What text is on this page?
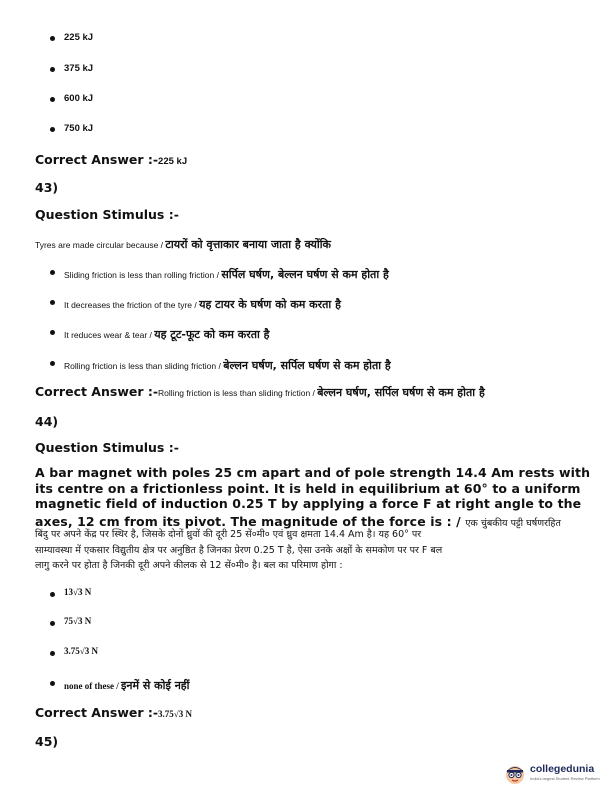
225 kJ
375 kJ
600 kJ
750 kJ
Correct Answer :-225 kJ
43)
Question Stimulus :-
Tyres are made circular because / टायरों को वृत्ताकार बनाया जाता है क्योंकि
Sliding friction is less than rolling friction / सर्पिल घर्षण, बेल्लन घर्षण से कम होता है
It decreases the friction of the tyre / यह टायर के घर्षण को कम करता है
It reduces wear & tear / यह टूट-फूट को कम करता है
Rolling friction is less than sliding friction / बेल्लन घर्षण, सर्पिल घर्षण से कम होता है
Correct Answer :-Rolling friction is less than sliding friction / बेल्लन घर्षण, सर्पिल घर्षण से कम होता है
44)
Question Stimulus :-
A bar magnet with poles 25 cm apart and of pole strength 14.4 Am rests with
its centre on a frictionless point. It is held in equilibrium at 60° to a uniform
magnetic field of induction 0.25 T by applying a force F at right angle to the
axes, 12 cm from its pivot. The magnitude of the force is : / एक चुंबकीय पट्टी घर्षणरहित
बिंदु पर अपने केंद्र पर स्थिर है, जिसके दोनों ध्रुवों की दूरी 25 सें०मी० एवं ध्रुव क्षमता 14.4 Am है। यह 60° पर
साम्यावस्था में एकसार विद्युतीय क्षेत्र पर अनुष्ठित है जिनका प्रेरण 0.25 T है, ऐसा उनके अक्षों के समकोण पर पर F बल
लागु करने पर होता है जिनकी दूरी अपने कीलक से 12 सें०मी० है। बल का परिमाण होगा :
13√3 N
75√3 N
3.75√3 N
none of these / इनमें से कोई नहीं
Correct Answer :-3.75√3 N
45)
collegedunia
India's largest Student Review Platform
